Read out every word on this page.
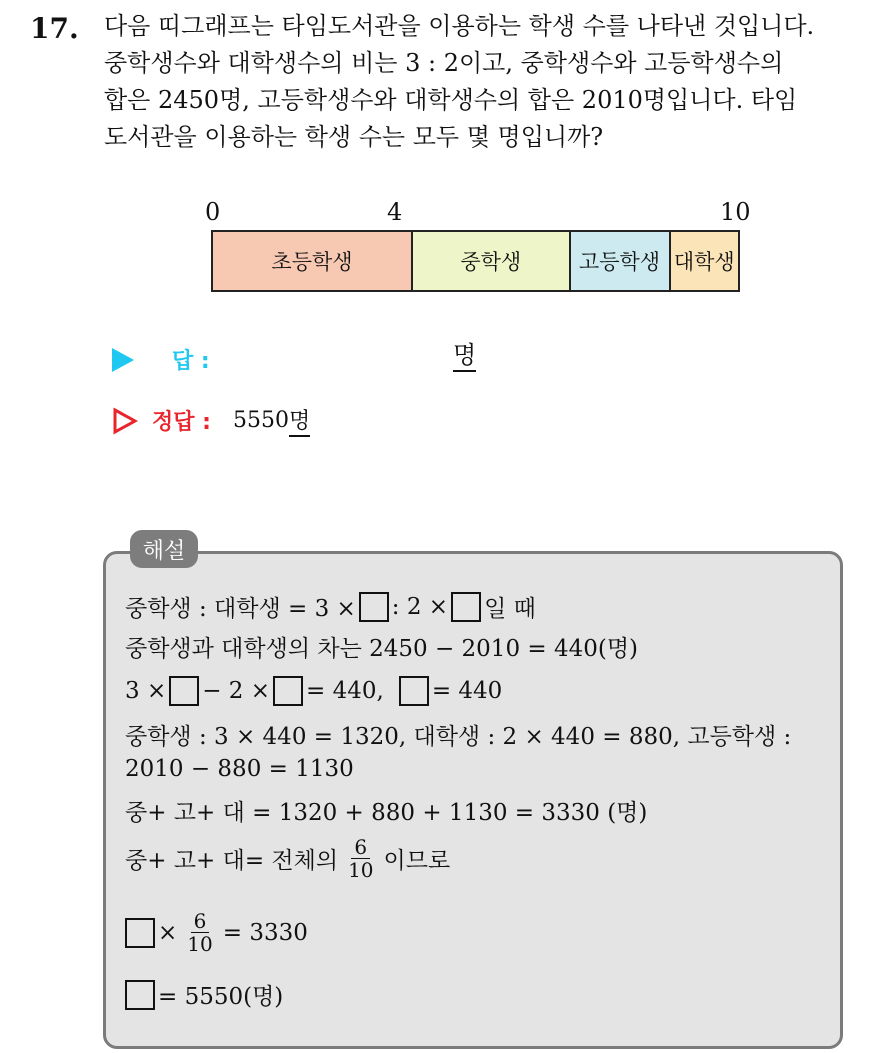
17. 다음 띠그래프는 타임도서관을 이용하는 학생 수를 나타낸 것입니다.
중학생수와 대학생수의 비는 3 : 2이고, 중학생수와 고등학생수의
합은 2450명, 고등학생수와 대학생수의 합은 2010명입니다. 타임
도서관을 이용하는 학생 수는 모두 몇 명입니까?
0	4	10
초등학생	중학생	고등학생 대학생
답 :	명
정답 : 5550 명
해설
중학생 : 대학생 = 3 × : 2 × 일 때
중학생과 대학생의 차는 2450 − 2010 = 440(명)
3 × − 2 × = 440, = 440
중학생 : 3 × 440 = 1320, 대학생 : 2 × 440 = 880, 고등학생 :
2010 − 880 = 1130
중+ 고+ 대 = 1320 + 880 + 1130 = 3330 (명)
중+ 고+ 대= 전체의 $\frac{6}{10}$ 이므로
× $\frac{6}{10} = 3330$
= 5550(명)
